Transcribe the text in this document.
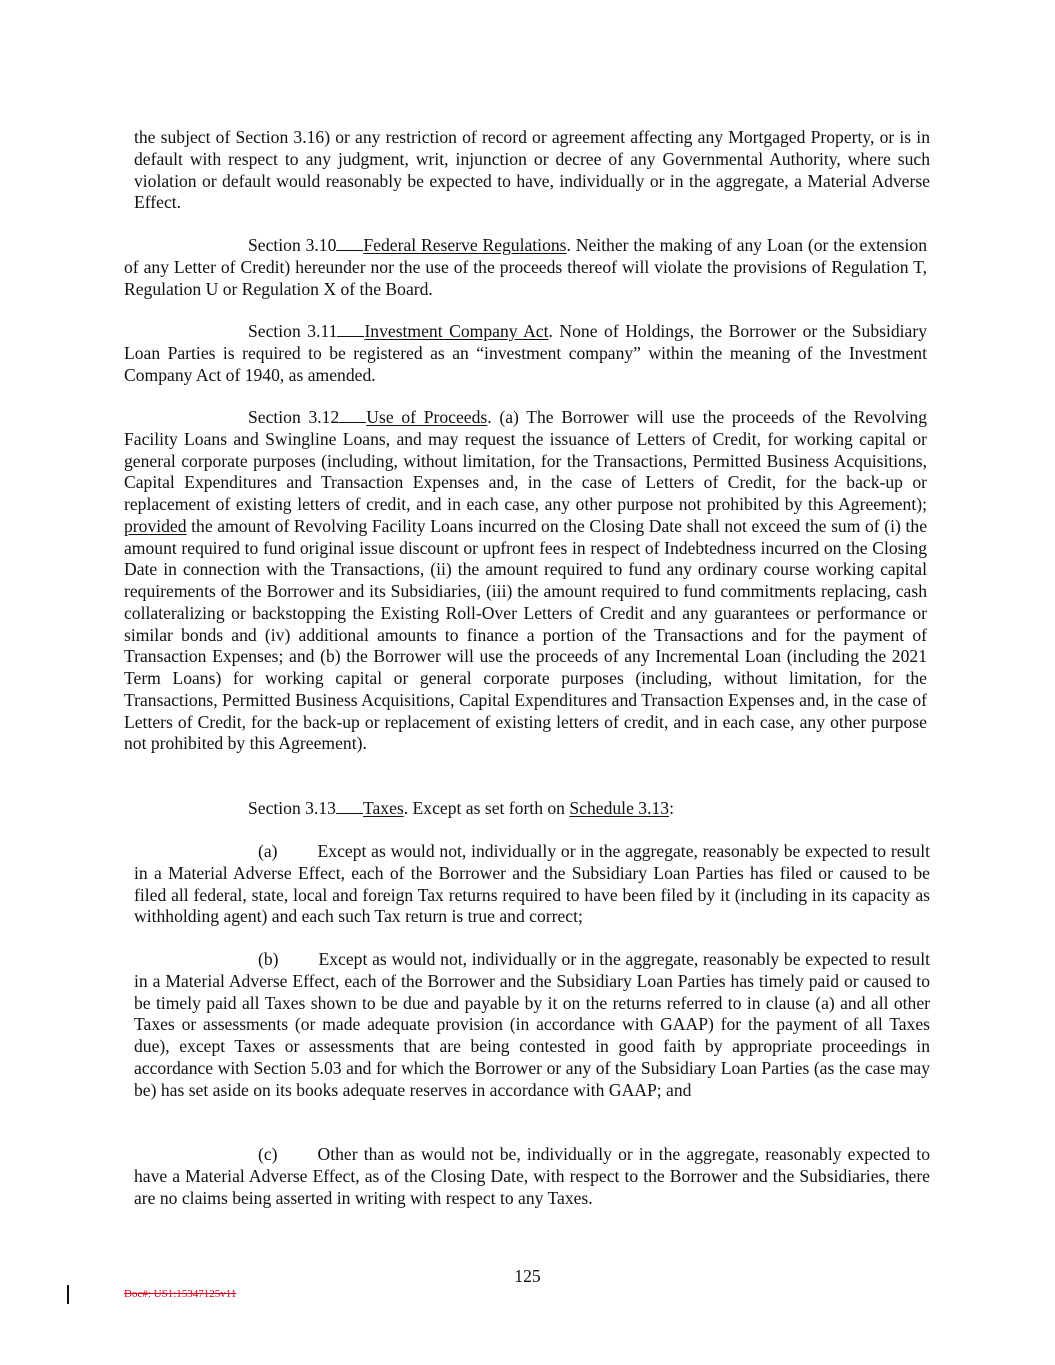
the subject of Section 3.16) or any restriction of record or agreement affecting any Mortgaged Property, or is in default with respect to any judgment, writ, injunction or decree of any Governmental Authority, where such violation or default would reasonably be expected to have, individually or in the aggregate, a Material Adverse Effect.

Section 3.10 Federal Reserve Regulations. Neither the making of any Loan (or the extension of any Letter of Credit) hereunder nor the use of the proceeds thereof will violate the provisions of Regulation T, Regulation U or Regulation X of the Board.

Section 3.11 Investment Company Act. None of Holdings, the Borrower or the Subsidiary Loan Parties is required to be registered as an “investment company” within the meaning of the Investment Company Act of 1940, as amended.

Section 3.12 Use of Proceeds. (a) The Borrower will use the proceeds of the Revolving Facility Loans and Swingline Loans, and may request the issuance of Letters of Credit, for working capital or general corporate purposes (including, without limitation, for the Transactions, Permitted Business Acquisitions, Capital Expenditures and Transaction Expenses and, in the case of Letters of Credit, for the back-up or replacement of existing letters of credit, and in each case, any other purpose not prohibited by this Agreement); provided the amount of Revolving Facility Loans incurred on the Closing Date shall not exceed the sum of (i) the amount required to fund original issue discount or upfront fees in respect of Indebtedness incurred on the Closing Date in connection with the Transactions, (ii) the amount required to fund any ordinary course working capital requirements of the Borrower and its Subsidiaries, (iii) the amount required to fund commitments replacing, cash collateralizing or backstopping the Existing Roll-Over Letters of Credit and any guarantees or performance or similar bonds and (iv) additional amounts to finance a portion of the Transactions and for the payment of Transaction Expenses; and (b) the Borrower will use the proceeds of any Incremental Loan (including the 2021 Term Loans) for working capital or general corporate purposes (including, without limitation, for the Transactions, Permitted Business Acquisitions, Capital Expenditures and Transaction Expenses and, in the case of Letters of Credit, for the back-up or replacement of existing letters of credit, and in each case, any other purpose not prohibited by this Agreement).

Section 3.13 Taxes. Except as set forth on Schedule 3.13:

(a) Except as would not, individually or in the aggregate, reasonably be expected to result in a Material Adverse Effect, each of the Borrower and the Subsidiary Loan Parties has filed or caused to be filed all federal, state, local and foreign Tax returns required to have been filed by it (including in its capacity as withholding agent) and each such Tax return is true and correct;

(b) Except as would not, individually or in the aggregate, reasonably be expected to result in a Material Adverse Effect, each of the Borrower and the Subsidiary Loan Parties has timely paid or caused to be timely paid all Taxes shown to be due and payable by it on the returns referred to in clause (a) and all other Taxes or assessments (or made adequate provision (in accordance with GAAP) for the payment of all Taxes due), except Taxes or assessments that are being contested in good faith by appropriate proceedings in accordance with Section 5.03 and for which the Borrower or any of the Subsidiary Loan Parties (as the case may be) has set aside on its books adequate reserves in accordance with GAAP; and

(c) Other than as would not be, individually or in the aggregate, reasonably expected to have a Material Adverse Effect, as of the Closing Date, with respect to the Borrower and the Subsidiaries, there are no claims being asserted in writing with respect to any Taxes.

125
Doc#: US1:15347125v11
